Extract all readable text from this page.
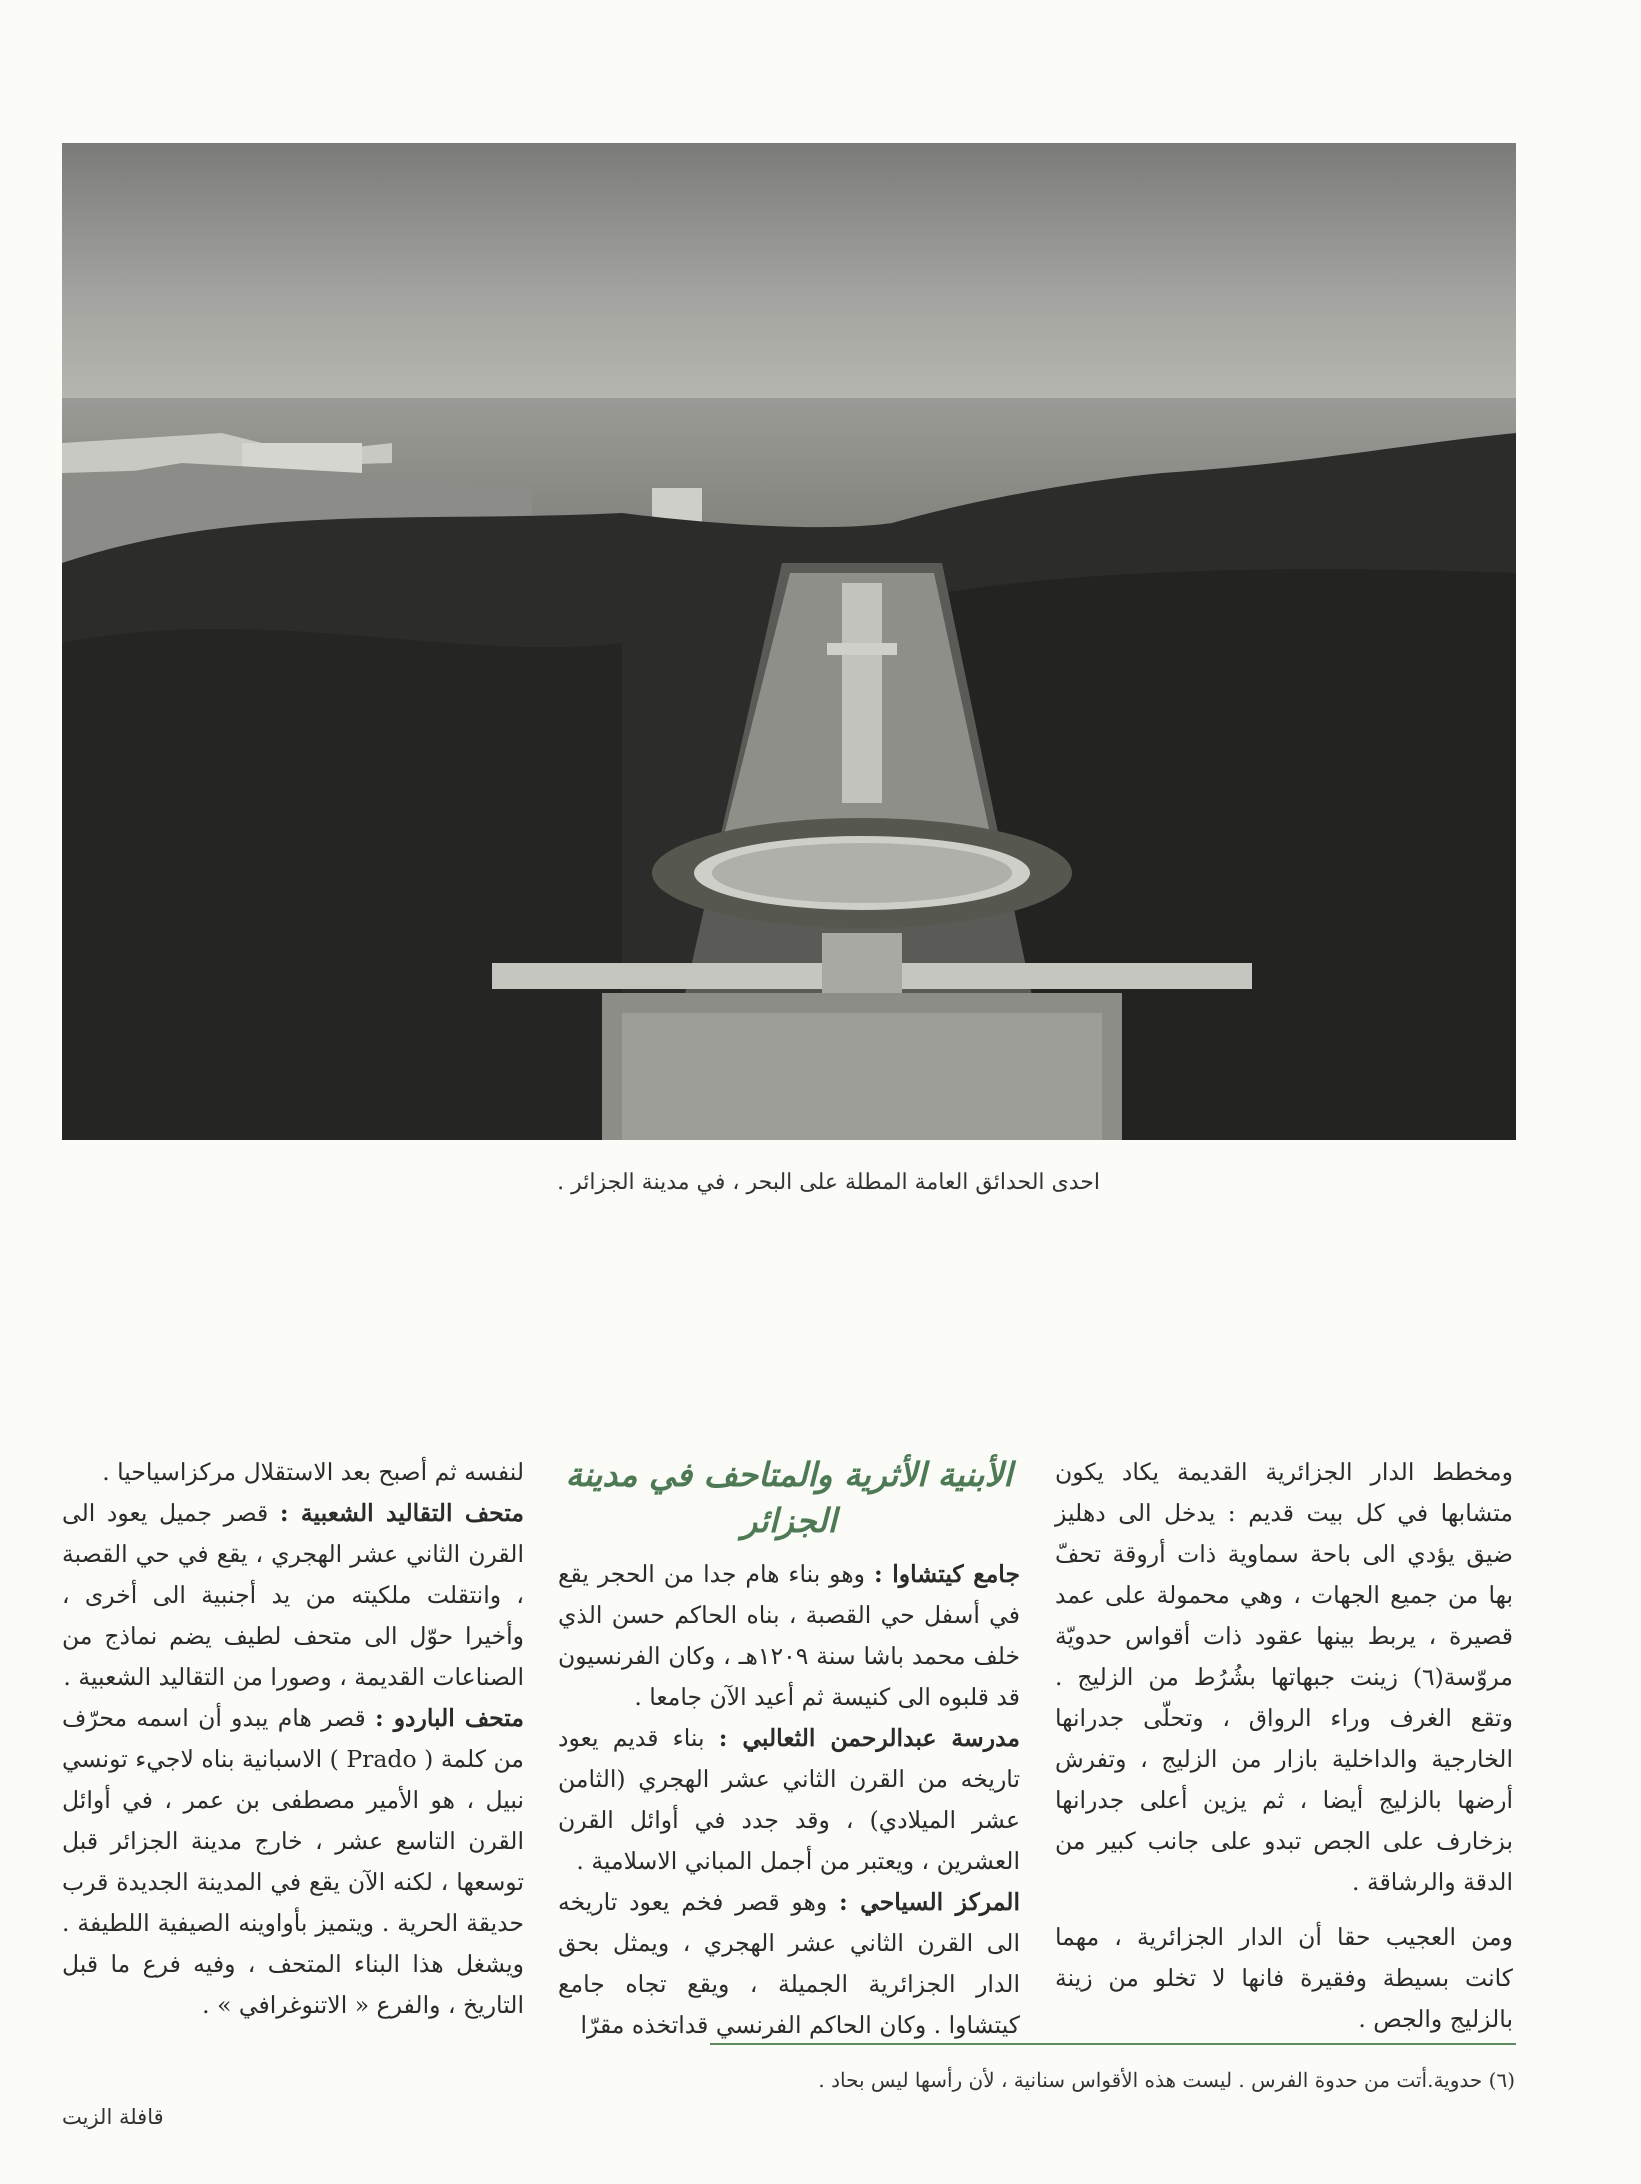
احدى الحدائق العامة المطلة على البحر ، في مدينة الجزائر .

ومخطط الدار الجزائرية القديمة يكاد يكون متشابها في كل بيت قديم : يدخل الى دهليز ضيق يؤدي الى باحة سماوية ذات أروقة تحفّ بها من جميع الجهات ، وهي محمولة على عمد قصيرة ، يربط بينها عقود ذات أقواس حدويّة مروّسة(٦) زينت جبهاتها بشُرُط من الزليج . وتقع الغرف وراء الرواق ، وتحلّى جدرانها الخارجية والداخلية بازار من الزليج ، وتفرش أرضها بالزليج أيضا ، ثم يزين أعلى جدرانها بزخارف على الجص تبدو على جانب كبير من الدقة والرشاقة .

ومن العجيب حقا أن الدار الجزائرية ، مهما كانت بسيطة وفقيرة فانها لا تخلو من زينة بالزليج والجص .

الأبنية الأثرية والمتاحف في مدينة الجزائر

جامع كيتشاوا : وهو بناء هام جدا من الحجر يقع في أسفل حي القصبة ، بناه الحاكم حسن الذي خلف محمد باشا سنة ١٢٠٩هـ ، وكان الفرنسيون قد قلبوه الى كنيسة ثم أعيد الآن جامعا .

مدرسة عبدالرحمن الثعالبي : بناء قديم يعود تاريخه من القرن الثاني عشر الهجري (الثامن عشر الميلادي) ، وقد جدد في أوائل القرن العشرين ، ويعتبر من أجمل المباني الاسلامية .

المركز السياحي : وهو قصر فخم يعود تاريخه الى القرن الثاني عشر الهجري ، ويمثل بحق الدار الجزائرية الجميلة ، ويقع تجاه جامع كيتشاوا . وكان الحاكم الفرنسي قداتخذه مقرّا

لنفسه ثم أصبح بعد الاستقلال مركزاسياحيا .

متحف التقاليد الشعبية : قصر جميل يعود الى القرن الثاني عشر الهجري ، يقع في حي القصبة ، وانتقلت ملكيته من يد أجنبية الى أخرى ، وأخيرا حوّل الى متحف لطيف يضم نماذج من الصناعات القديمة ، وصورا من التقاليد الشعبية .

متحف الباردو : قصر هام يبدو أن اسمه محرّف من كلمة ( Prado ) الاسبانية بناه لاجيء تونسي نبيل ، هو الأمير مصطفى بن عمر ، في أوائل القرن التاسع عشر ، خارج مدينة الجزائر قبل توسعها ، لكنه الآن يقع في المدينة الجديدة قرب حديقة الحرية . ويتميز بأواوينه الصيفية اللطيفة . ويشغل هذا البناء المتحف ، وفيه فرع ما قبل التاريخ ، والفرع « الاتنوغرافي » .

(٦) حدوية.أتت من حدوة الفرس . ليست هذه الأقواس سنانية ، لأن رأسها ليس بحاد .
قافلة الزيت
